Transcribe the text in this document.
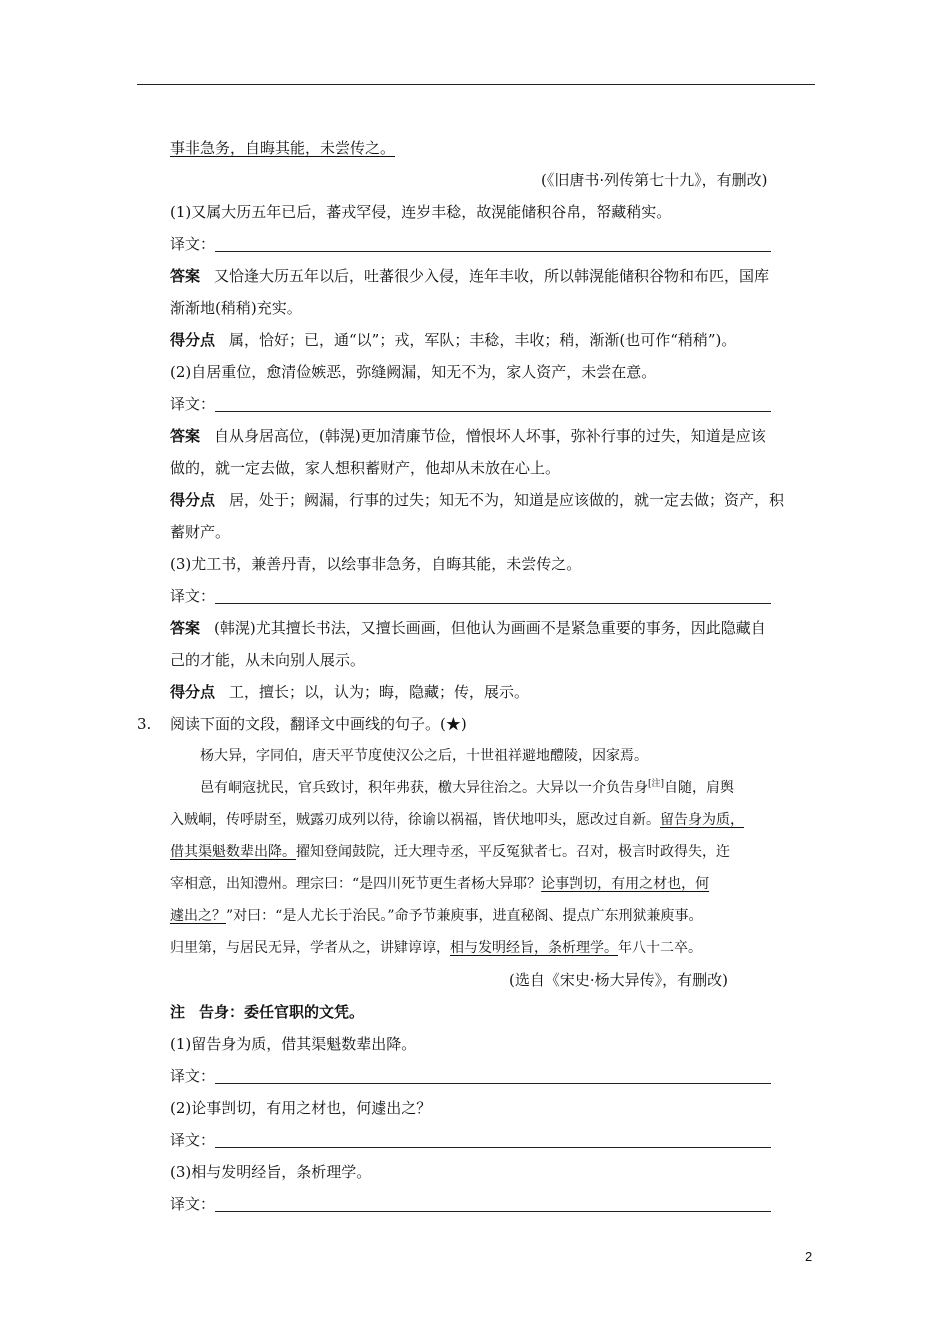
事非急务，自晦其能，未尝传之。
(《旧唐书·列传第七十九》，有删改)
(1)又属大历五年已后，蕃戎罕侵，连岁丰稔，故滉能储积谷帛，帑藏稍实。
译文：
答案 又恰逢大历五年以后，吐蕃很少入侵，连年丰收，所以韩滉能储积谷物和布匹，国库
渐渐地(稍稍)充实。
得分点 属，恰好；已，通“以”；戎，军队；丰稔，丰收；稍，渐渐(也可作“稍稍”)。
(2)自居重位，愈清俭嫉恶，弥缝阙漏，知无不为，家人资产，未尝在意。
译文：
答案 自从身居高位，(韩滉)更加清廉节俭，憎恨坏人坏事，弥补行事的过失，知道是应该
做的，就一定去做，家人想积蓄财产，他却从未放在心上。
得分点 居，处于；阙漏，行事的过失；知无不为，知道是应该做的，就一定去做；资产，积
蓄财产。
(3)尤工书，兼善丹青，以绘事非急务，自晦其能，未尝传之。
译文：
答案 (韩滉)尤其擅长书法，又擅长画画，但他认为画画不是紧急重要的事务，因此隐藏自
己的才能，从未向别人展示。
得分点 工，擅长；以，认为；晦，隐藏；传，展示。
3. 阅读下面的文段，翻译文中画线的句子。(★)
杨大异，字同伯，唐天平节度使汉公之后，十世祖祥避地醴陵，因家焉。
邑有峒寇扰民，官兵致讨，积年弗获，檄大异往治之。大异以一介负告身[注]自随，肩舆
入贼峒，传呼尉至，贼露刃成列以待，徐谕以祸福，皆伏地叩头，愿改过自新。留告身为质，
借其渠魁数辈出降。擢知登闻鼓院，迁大理寺丞，平反冤狱者七。召对，极言时政得失，迕
宰相意，出知澧州。理宗曰：“是四川死节更生者杨大异耶？论事剀切，有用之材也，何
遽出之？”对曰：“是人尤长于治民。”命予节兼庾事，进直秘阁、提点广东刑狱兼庾事。
归里第，与居民无异，学者从之，讲肄谆谆，相与发明经旨，条析理学。年八十二卒。
(选自《宋史·杨大异传》，有删改)
注 告身：委任官职的文凭。
(1)留告身为质，借其渠魁数辈出降。
译文：
(2)论事剀切，有用之材也，何遽出之？
译文：
(3)相与发明经旨，条析理学。
译文：
2
